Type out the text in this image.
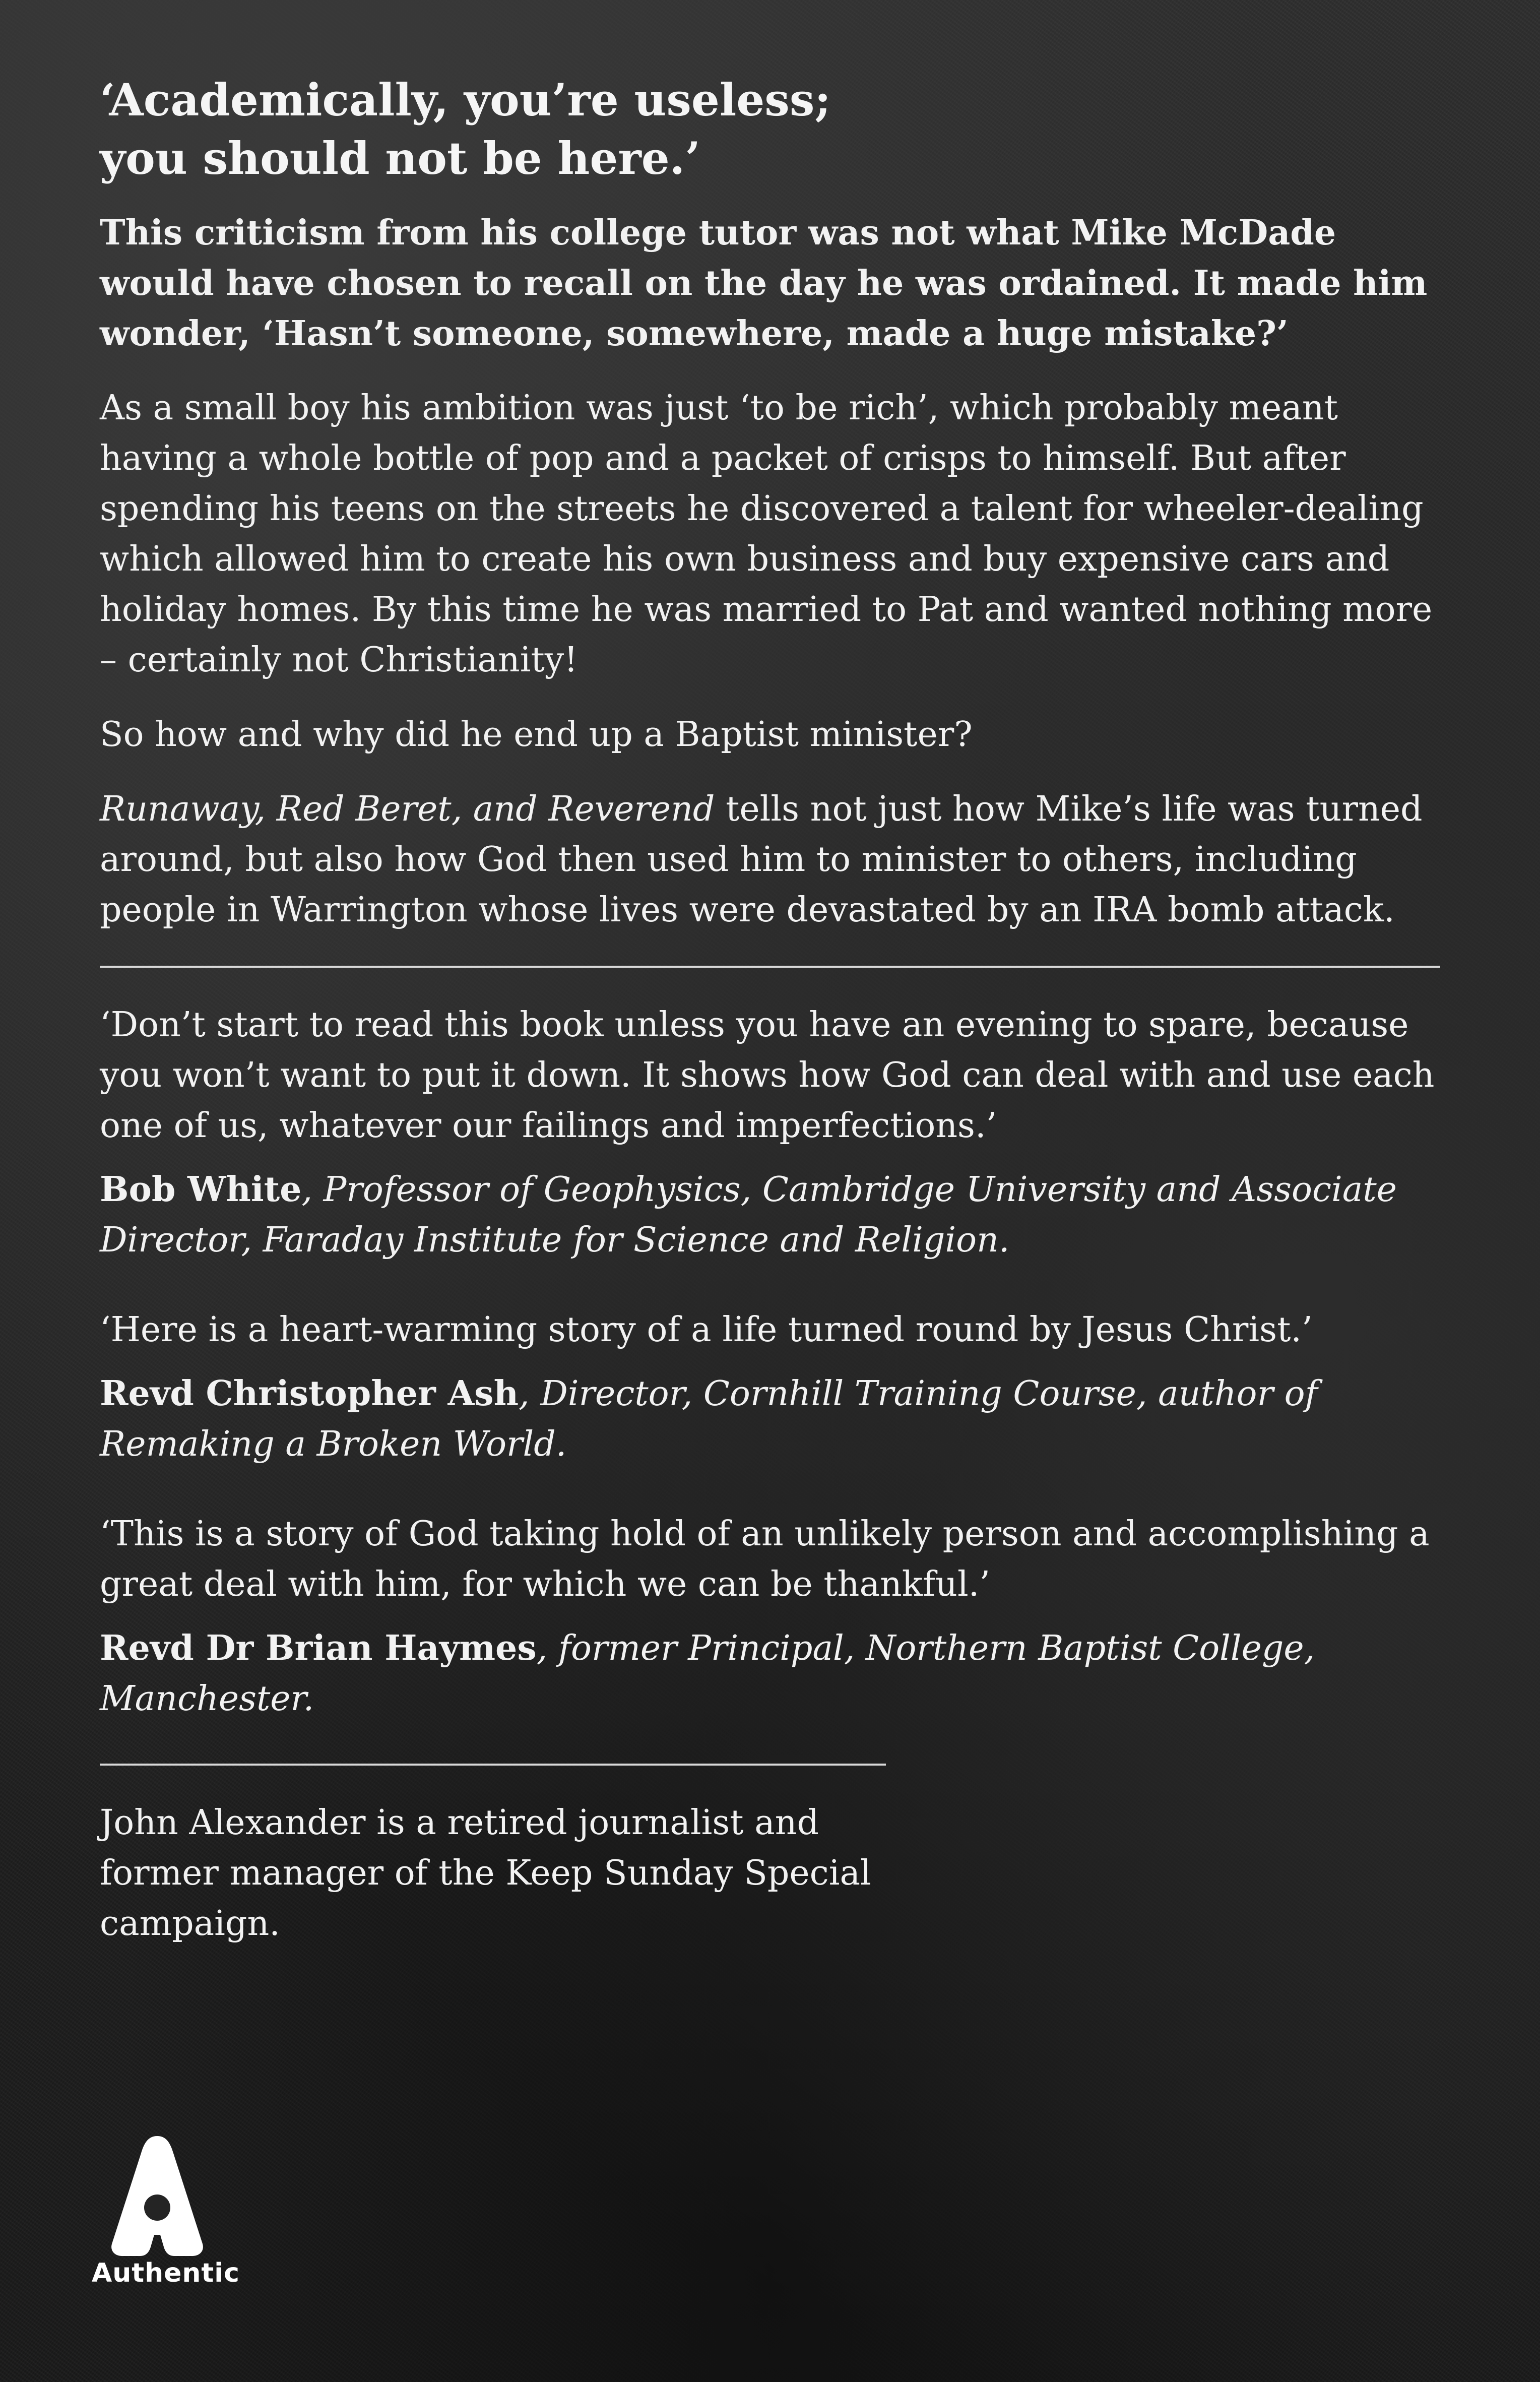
‘Academically, you’re useless;
you should not be here.’

This criticism from his college tutor was not what Mike McDade would have chosen to recall on the day he was ordained. It made him wonder, ‘Hasn’t someone, somewhere, made a huge mistake?’

As a small boy his ambition was just ‘to be rich’, which probably meant having a whole bottle of pop and a packet of crisps to himself. But after spending his teens on the streets he discovered a talent for wheeler-dealing which allowed him to create his own business and buy expensive cars and holiday homes. By this time he was married to Pat and wanted nothing more – certainly not Christianity!

So how and why did he end up a Baptist minister?

Runaway, Red Beret, and Reverend tells not just how Mike’s life was turned around, but also how God then used him to minister to others, including people in Warrington whose lives were devastated by an IRA bomb attack.

‘Don’t start to read this book unless you have an evening to spare, because you won’t want to put it down. It shows how God can deal with and use each one of us, whatever our failings and imperfections.’

Bob White, Professor of Geophysics, Cambridge University and Associate Director, Faraday Institute for Science and Religion.

‘Here is a heart-warming story of a life turned round by Jesus Christ.’

Revd Christopher Ash, Director, Cornhill Training Course, author of Remaking a Broken World.

‘This is a story of God taking hold of an unlikely person and accomplishing a great deal with him, for which we can be thankful.’

Revd Dr Brian Haymes, former Principal, Northern Baptist College, Manchester.

John Alexander is a retired journalist and former manager of the Keep Sunday Special campaign.

Authentic
